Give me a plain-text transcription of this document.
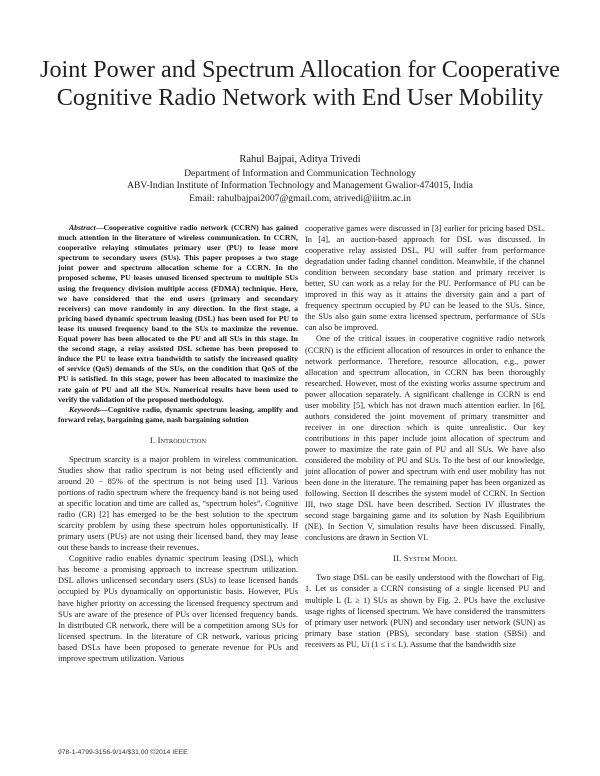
Joint Power and Spectrum Allocation for Cooperative Cognitive Radio Network with End User Mobility
Rahul Bajpai, Aditya Trivedi
Department of Information and Communication Technology
ABV-Indian Institute of Information Technology and Management Gwalior-474015, India
Email: rahulbajpai2007@gmail.com, atrivedi@iiitm.ac.in

Abstract—Cooperative cognitive radio network (CCRN) has gained much attention in the literature of wireless communication. In CCRN, cooperative relaying stimulates primary user (PU) to lease more spectrum to secondary users (SUs). This paper proposes a two stage joint power and spectrum allocation scheme for a CCRN. In the proposed scheme, PU leases unused licensed spectrum to multiple SUs using the frequency division multiple access (FDMA) technique. Here, we have considered that the end users (primary and secondary receivers) can move randomly in any direction. In the first stage, a pricing based dynamic spectrum leasing (DSL) has been used for PU to lease its unused frequency band to the SUs to maximize the revenue. Equal power has been allocated to the PU and all SUs in this stage. In the second stage, a relay assisted DSL scheme has been proposed to induce the PU to lease extra bandwidth to satisfy the increased quality of service (QoS) demands of the SUs, on the condition that QoS of the PU is satisfied. In this stage, power has been allocated to maximize the rate gain of PU and all the SUs. Numerical results have been used to verify the validation of the proposed methodology.

Keywords—Cognitive radio, dynamic spectrum leasing, amplify and forward relay, bargaining game, nash bargaining solution

I. Introduction

Spectrum scarcity is a major problem in wireless communication. Studies show that radio spectrum is not being used efficiently and around 20 − 85% of the spectrum is not being used [1]. Various portions of radio spectrum where the frequency band is not being used at specific location and time are called as, “spectrum holes”. Cognitive radio (CR) [2] has emerged to be the best solution to the spectrum scarcity problem by using these spectrum holes opportunistically. If primary users (PUs) are not using their licensed band, they may lease out these bands to increase their revenues.

Cognitive radio enables dynamic spectrum leasing (DSL), which has become a promising approach to increase spectrum utilization. DSL allows unlicensed secondary users (SUs) to lease licensed bands occupied by PUs dynamically on opportunistic basis. However, PUs have higher priority on accessing the licensed frequency spectrum and SUs are aware of the presence of PUs over licensed frequency bands. In distributed CR network, there will be a competition among SUs for licensed spectrum. In the literature of CR network, various pricing based DSLs have been proposed to generate revenue for PUs and improve spectrum utilization. Various

cooperative games were discussed in [3] earlier for pricing based DSL. In [4], an auction-based approach for DSL was discussed. In cooperative relay assisted DSL, PU will suffer from performance degradation under fading channel condition. Meanwhile, if the channel condition between secondary base station and primary receiver is better, SU can work as a relay for the PU. Performance of PU can be improved in this way as it attains the diversity gain and a part of frequency spectrum occupied by PU can be leased to the SUs. Since, the SUs also gain some extra licensed spectrum, performance of SUs can also be improved.

One of the critical issues in cooperative cognitive radio network (CCRN) is the efficient allocation of resources in order to enhance the network performance. Therefore, resource allocation, e.g., power allocation and spectrum allocation, in CCRN has been thoroughly researched. However, most of the existing works assume spectrum and power allocation separately. A significant challenge in CCRN is end user mobility [5], which has not drawn much attention earlier. In [6], authors considered the joint movement of primary transmitter and receiver in one direction which is quite unrealistic. Our key contributions in this paper include joint allocation of spectrum and power to maximize the rate gain of PU and all SUs. We have also considered the mobility of PU and SUs. To the best of our knowledge, joint allocation of power and spectrum with end user mobility has not been done in the literature. The remaining paper has been organized as following. Section II describes the system model of CCRN. In Section III, two stage DSL have been described. Section IV illustrates the second stage bargaining game and its solution by Nash Equilibrium (NE). In Section V, simulation results have been discussed. Finally, conclusions are drawn in Section VI.

II. System Model

Two stage DSL can be easily understood with the flowchart of Fig. 1. Let us consider a CCRN consisting of a single licensed PU and multiple L (L ≥ 1) SUs as shown by Fig. 2. PUs have the exclusive usage rights of licensed spectrum. We have considered the transmitters of primary user network (PUN) and secondary user network (SUN) as primary base station (PBS), secondary base station (SBSi) and receivers as PU, Ui (1 ≤ i ≤ L). Assume that the bandwidth size

978-1-4799-3156-9/14/$31.00 ©2014 IEEE
